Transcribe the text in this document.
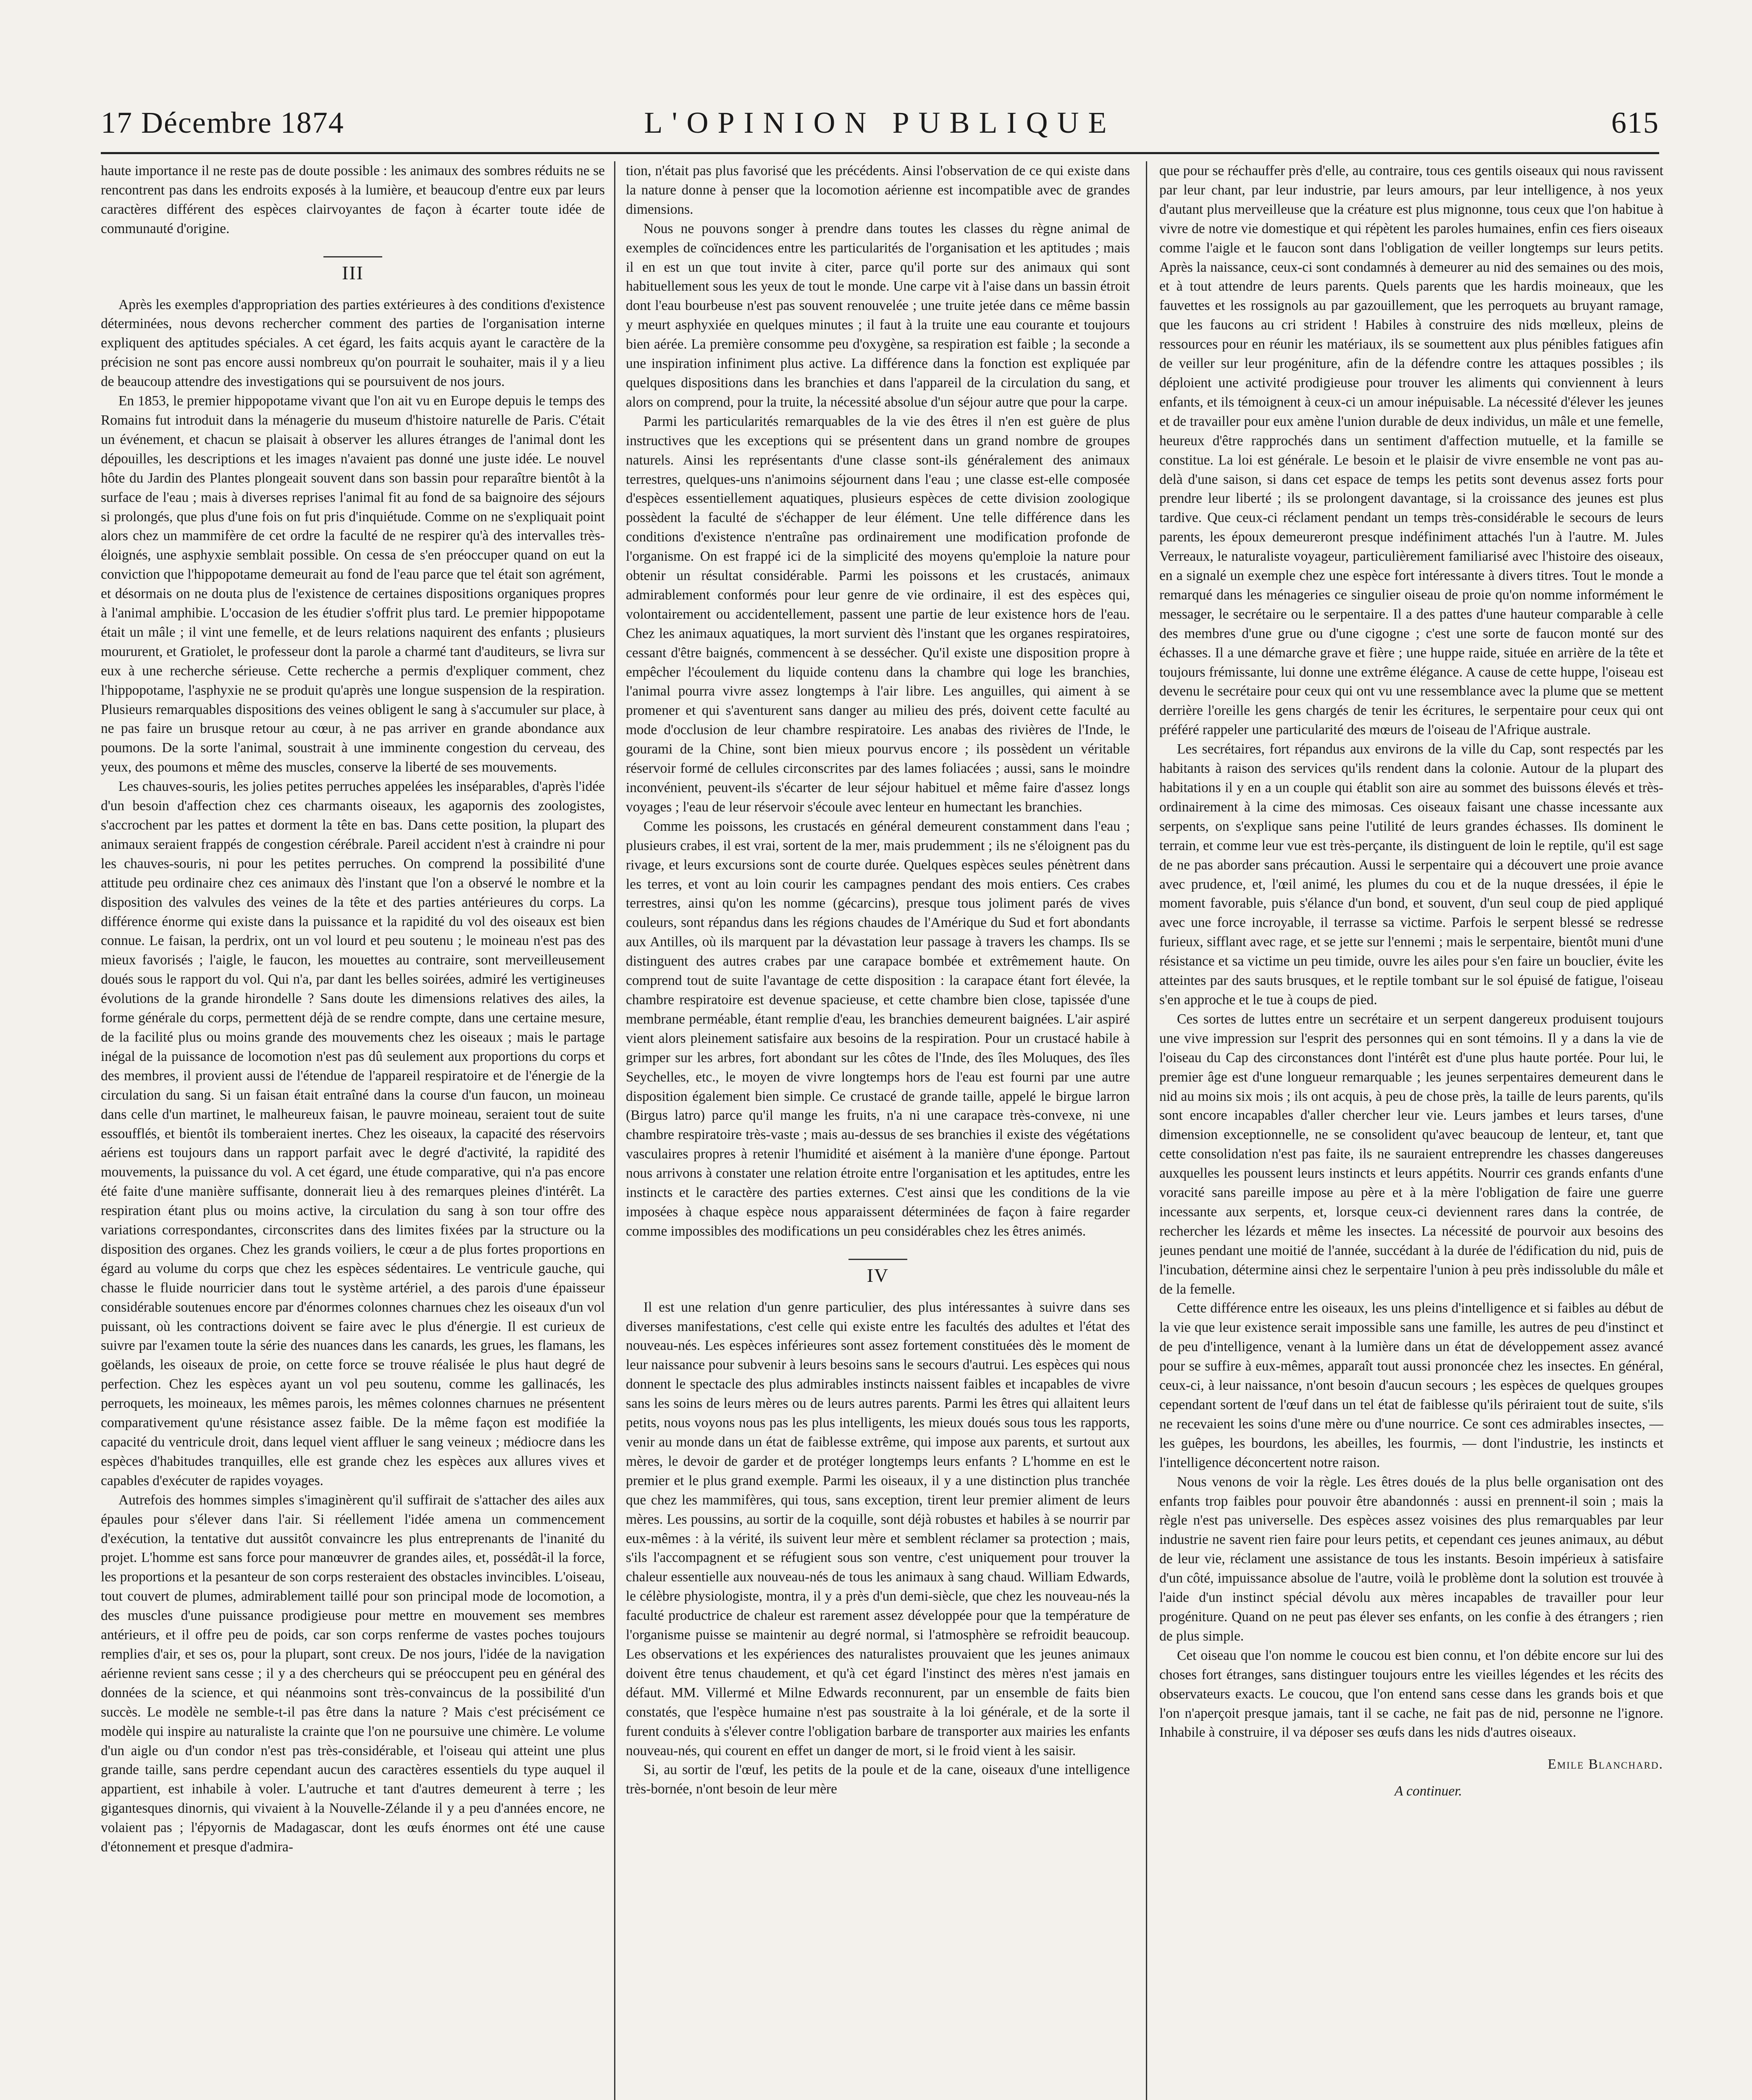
17 Décembre 1874	L'OPINION PUBLIQUE	615

haute importance il ne reste pas de doute possible : les animaux des sombres réduits ne se rencontrent pas dans les endroits exposés à la lumière, et beaucoup d'entre eux par leurs caractères différent des espèces clairvoyantes de façon à écarter toute idée de communauté d'origine.

III

Après les exemples d'appropriation des parties extérieures à des conditions d'existence déterminées, nous devons rechercher comment des parties de l'organisation interne expliquent des aptitudes spéciales. A cet égard, les faits acquis ayant le caractère de la précision ne sont pas encore aussi nombreux qu'on pourrait le souhaiter, mais il y a lieu de beaucoup attendre des investigations qui se poursuivent de nos jours.

En 1853, le premier hippopotame vivant que l'on ait vu en Europe depuis le temps des Romains fut introduit dans la ménagerie du museum d'histoire naturelle de Paris. C'était un événement, et chacun se plaisait à observer les allures étranges de l'animal dont les dépouilles, les descriptions et les images n'avaient pas donné une juste idée. Le nouvel hôte du Jardin des Plantes plongeait souvent dans son bassin pour reparaître bientôt à la surface de l'eau ; mais à diverses reprises l'animal fit au fond de sa baignoire des séjours si prolongés, que plus d'une fois on fut pris d'inquiétude. Comme on ne s'expliquait point alors chez un mammifère de cet ordre la faculté de ne respirer qu'à des intervalles très-éloignés, une asphyxie semblait possible. On cessa de s'en préoccuper quand on eut la conviction que l'hippopotame demeurait au fond de l'eau parce que tel était son agrément, et désormais on ne douta plus de l'existence de certaines dispositions organiques propres à l'animal amphibie. L'occasion de les étudier s'offrit plus tard. Le premier hippopotame était un mâle ; il vint une femelle, et de leurs relations naquirent des enfants ; plusieurs moururent, et Gratiolet, le professeur dont la parole a charmé tant d'auditeurs, se livra sur eux à une recherche sérieuse. Cette recherche a permis d'expliquer comment, chez l'hippopotame, l'asphyxie ne se produit qu'après une longue suspension de la respiration. Plusieurs remarquables dispositions des veines obligent le sang à s'accumuler sur place, à ne pas faire un brusque retour au cœur, à ne pas arriver en grande abondance aux poumons. De la sorte l'animal, soustrait à une imminente congestion du cerveau, des yeux, des poumons et même des muscles, conserve la liberté de ses mouvements.

Les chauves-souris, les jolies petites perruches appelées les inséparables, d'après l'idée d'un besoin d'affection chez ces charmants oiseaux, les agapornis des zoologistes, s'accrochent par les pattes et dorment la tête en bas. Dans cette position, la plupart des animaux seraient frappés de congestion cérébrale. Pareil accident n'est à craindre ni pour les chauves-souris, ni pour les petites perruches. On comprend la possibilité d'une attitude peu ordinaire chez ces animaux dès l'instant que l'on a observé le nombre et la disposition des valvules des veines de la tête et des parties antérieures du corps. La différence énorme qui existe dans la puissance et la rapidité du vol des oiseaux est bien connue. Le faisan, la perdrix, ont un vol lourd et peu soutenu ; le moineau n'est pas des mieux favorisés ; l'aigle, le faucon, les mouettes au contraire, sont merveilleusement doués sous le rapport du vol. Qui n'a, par dant les belles soirées, admiré les vertigineuses évolutions de la grande hirondelle ? Sans doute les dimensions relatives des ailes, la forme générale du corps, permettent déjà de se rendre compte, dans une certaine mesure, de la facilité plus ou moins grande des mouvements chez les oiseaux ; mais le partage inégal de la puissance de locomotion n'est pas dû seulement aux proportions du corps et des membres, il provient aussi de l'étendue de l'appareil respiratoire et de l'énergie de la circulation du sang. Si un faisan était entraîné dans la course d'un faucon, un moineau dans celle d'un martinet, le malheureux faisan, le pauvre moineau, seraient tout de suite essoufflés, et bientôt ils tomberaient inertes. Chez les oiseaux, la capacité des réservoirs aériens est toujours dans un rapport parfait avec le degré d'activité, la rapidité des mouvements, la puissance du vol. A cet égard, une étude comparative, qui n'a pas encore été faite d'une manière suffisante, donnerait lieu à des remarques pleines d'intérêt. La respiration étant plus ou moins active, la circulation du sang à son tour offre des variations correspondantes, circonscrites dans des limites fixées par la structure ou la disposition des organes. Chez les grands voiliers, le cœur a de plus fortes proportions en égard au volume du corps que chez les espèces sédentaires. Le ventricule gauche, qui chasse le fluide nourricier dans tout le système artériel, a des parois d'une épaisseur considérable soutenues encore par d'énormes colonnes charnues chez les oiseaux d'un vol puissant, où les contractions doivent se faire avec le plus d'énergie. Il est curieux de suivre par l'examen toute la série des nuances dans les canards, les grues, les flamans, les goëlands, les oiseaux de proie, on cette force se trouve réalisée le plus haut degré de perfection. Chez les espèces ayant un vol peu soutenu, comme les gallinacés, les perroquets, les moineaux, les mêmes parois, les mêmes colonnes charnues ne présentent comparativement qu'une résistance assez faible. De la même façon est modifiée la capacité du ventricule droit, dans lequel vient affluer le sang veineux ; médiocre dans les espèces d'habitudes tranquilles, elle est grande chez les espèces aux allures vives et capables d'exécuter de rapides voyages.

Autrefois des hommes simples s'imaginèrent qu'il suffirait de s'attacher des ailes aux épaules pour s'élever dans l'air. Si réellement l'idée amena un commencement d'exécution, la tentative dut aussitôt convaincre les plus entreprenants de l'inanité du projet. L'homme est sans force pour manœuvrer de grandes ailes, et, possédât-il la force, les proportions et la pesanteur de son corps resteraient des obstacles invincibles. L'oiseau, tout couvert de plumes, admirablement taillé pour son principal mode de locomotion, a des muscles d'une puissance prodigieuse pour mettre en mouvement ses membres antérieurs, et il offre peu de poids, car son corps renferme de vastes poches toujours remplies d'air, et ses os, pour la plupart, sont creux. De nos jours, l'idée de la navigation aérienne revient sans cesse ; il y a des chercheurs qui se préoccupent peu en général des données de la science, et qui néanmoins sont très-convaincus de la possibilité d'un succès. Le modèle ne semble-t-il pas être dans la nature ? Mais c'est précisément ce modèle qui inspire au naturaliste la crainte que l'on ne poursuive une chimère. Le volume d'un aigle ou d'un condor n'est pas très-considérable, et l'oiseau qui atteint une plus grande taille, sans perdre cependant aucun des caractères essentiels du type auquel il appartient, est inhabile à voler. L'autruche et tant d'autres demeurent à terre ; les gigantesques dinornis, qui vivaient à la Nouvelle-Zélande il y a peu d'années encore, ne volaient pas ; l'épyornis de Madagascar, dont les œufs énormes ont été une cause d'étonnement et presque d'admira-

tion, n'était pas plus favorisé que les précédents. Ainsi l'observation de ce qui existe dans la nature donne à penser que la locomotion aérienne est incompatible avec de grandes dimensions.

Nous ne pouvons songer à prendre dans toutes les classes du règne animal de exemples de coïncidences entre les particularités de l'organisation et les aptitudes ; mais il en est un que tout invite à citer, parce qu'il porte sur des animaux qui sont habituellement sous les yeux de tout le monde. Une carpe vit à l'aise dans un bassin étroit dont l'eau bourbeuse n'est pas souvent renouvelée ; une truite jetée dans ce même bassin y meurt asphyxiée en quelques minutes ; il faut à la truite une eau courante et toujours bien aérée. La première consomme peu d'oxygène, sa respiration est faible ; la seconde a une inspiration infiniment plus active. La différence dans la fonction est expliquée par quelques dispositions dans les branchies et dans l'appareil de la circulation du sang, et alors on comprend, pour la truite, la nécessité absolue d'un séjour autre que pour la carpe.

Parmi les particularités remarquables de la vie des êtres il n'en est guère de plus instructives que les exceptions qui se présentent dans un grand nombre de groupes naturels. Ainsi les représentants d'une classe sont-ils généralement des animaux terrestres, quelques-uns n'animoins séjournent dans l'eau ; une classe est-elle composée d'espèces essentiellement aquatiques, plusieurs espèces de cette division zoologique possèdent la faculté de s'échapper de leur élément. Une telle différence dans les conditions d'existence n'entraîne pas ordinairement une modification profonde de l'organisme. On est frappé ici de la simplicité des moyens qu'emploie la nature pour obtenir un résultat considérable. Parmi les poissons et les crustacés, animaux admirablement conformés pour leur genre de vie ordinaire, il est des espèces qui, volontairement ou accidentellement, passent une partie de leur existence hors de l'eau. Chez les animaux aquatiques, la mort survient dès l'instant que les organes respiratoires, cessant d'être baignés, commencent à se dessécher. Qu'il existe une disposition propre à empêcher l'écoulement du liquide contenu dans la chambre qui loge les branchies, l'animal pourra vivre assez longtemps à l'air libre. Les anguilles, qui aiment à se promener et qui s'aventurent sans danger au milieu des prés, doivent cette faculté au mode d'occlusion de leur chambre respiratoire. Les anabas des rivières de l'Inde, le gourami de la Chine, sont bien mieux pourvus encore ; ils possèdent un véritable réservoir formé de cellules circonscrites par des lames foliacées ; aussi, sans le moindre inconvénient, peuvent-ils s'écarter de leur séjour habituel et même faire d'assez longs voyages ; l'eau de leur réservoir s'écoule avec lenteur en humectant les branchies.

Comme les poissons, les crustacés en général demeurent constamment dans l'eau ; plusieurs crabes, il est vrai, sortent de la mer, mais prudemment ; ils ne s'éloignent pas du rivage, et leurs excursions sont de courte durée. Quelques espèces seules pénètrent dans les terres, et vont au loin courir les campagnes pendant des mois entiers. Ces crabes terrestres, ainsi qu'on les nomme (gécarcins), presque tous joliment parés de vives couleurs, sont répandus dans les régions chaudes de l'Amérique du Sud et fort abondants aux Antilles, où ils marquent par la dévastation leur passage à travers les champs. Ils se distinguent des autres crabes par une carapace bombée et extrêmement haute. On comprend tout de suite l'avantage de cette disposition : la carapace étant fort élevée, la chambre respiratoire est devenue spacieuse, et cette chambre bien close, tapissée d'une membrane perméable, étant remplie d'eau, les branchies demeurent baignées. L'air aspiré vient alors pleinement satisfaire aux besoins de la respiration. Pour un crustacé habile à grimper sur les arbres, fort abondant sur les côtes de l'Inde, des îles Moluques, des îles Seychelles, etc., le moyen de vivre longtemps hors de l'eau est fourni par une autre disposition également bien simple. Ce crustacé de grande taille, appelé le birgue larron (Birgus latro) parce qu'il mange les fruits, n'a ni une carapace très-convexe, ni une chambre respiratoire très-vaste ; mais au-dessus de ses branchies il existe des végétations vasculaires propres à retenir l'humidité et aisément à la manière d'une éponge. Partout nous arrivons à constater une relation étroite entre l'organisation et les aptitudes, entre les instincts et le caractère des parties externes. C'est ainsi que les conditions de la vie imposées à chaque espèce nous apparaissent déterminées de façon à faire regarder comme impossibles des modifications un peu considérables chez les êtres animés.

IV

Il est une relation d'un genre particulier, des plus intéressantes à suivre dans ses diverses manifestations, c'est celle qui existe entre les facultés des adultes et l'état des nouveau-nés. Les espèces inférieures sont assez fortement constituées dès le moment de leur naissance pour subvenir à leurs besoins sans le secours d'autrui. Les espèces qui nous donnent le spectacle des plus admirables instincts naissent faibles et incapables de vivre sans les soins de leurs mères ou de leurs autres parents. Parmi les êtres qui allaitent leurs petits, nous voyons nous pas les plus intelligents, les mieux doués sous tous les rapports, venir au monde dans un état de faiblesse extrême, qui impose aux parents, et surtout aux mères, le devoir de garder et de protéger longtemps leurs enfants ? L'homme en est le premier et le plus grand exemple. Parmi les oiseaux, il y a une distinction plus tranchée que chez les mammifères, qui tous, sans exception, tirent leur premier aliment de leurs mères. Les poussins, au sortir de la coquille, sont déjà robustes et habiles à se nourrir par eux-mêmes : à la vérité, ils suivent leur mère et semblent réclamer sa protection ; mais, s'ils l'accompagnent et se réfugient sous son ventre, c'est uniquement pour trouver la chaleur essentielle aux nouveau-nés de tous les animaux à sang chaud. William Edwards, le célèbre physiologiste, montra, il y a près d'un demi-siècle, que chez les nouveau-nés la faculté productrice de chaleur est rarement assez développée pour que la température de l'organisme puisse se maintenir au degré normal, si l'atmosphère se refroidit beaucoup. Les observations et les expériences des naturalistes prouvaient que les jeunes animaux doivent être tenus chaudement, et qu'à cet égard l'instinct des mères n'est jamais en défaut. MM. Villermé et Milne Edwards reconnurent, par un ensemble de faits bien constatés, que l'espèce humaine n'est pas soustraite à la loi générale, et de la sorte il furent conduits à s'élever contre l'obligation barbare de transporter aux mairies les enfants nouveau-nés, qui courent en effet un danger de mort, si le froid vient à les saisir.

Si, au sortir de l'œuf, les petits de la poule et de la cane, oiseaux d'une intelligence très-bornée, n'ont besoin de leur mère

que pour se réchauffer près d'elle, au contraire, tous ces gentils oiseaux qui nous ravissent par leur chant, par leur industrie, par leurs amours, par leur intelligence, à nos yeux d'autant plus merveilleuse que la créature est plus mignonne, tous ceux que l'on habitue à vivre de notre vie domestique et qui répètent les paroles humaines, enfin ces fiers oiseaux comme l'aigle et le faucon sont dans l'obligation de veiller longtemps sur leurs petits. Après la naissance, ceux-ci sont condamnés à demeurer au nid des semaines ou des mois, et à tout attendre de leurs parents. Quels parents que les hardis moineaux, que les fauvettes et les rossignols au par gazouillement, que les perroquets au bruyant ramage, que les faucons au cri strident ! Habiles à construire des nids mœlleux, pleins de ressources pour en réunir les matériaux, ils se soumettent aux plus pénibles fatigues afin de veiller sur leur progéniture, afin de la défendre contre les attaques possibles ; ils déploient une activité prodigieuse pour trouver les aliments qui conviennent à leurs enfants, et ils témoignent à ceux-ci un amour inépuisable. La nécessité d'élever les jeunes et de travailler pour eux amène l'union durable de deux individus, un mâle et une femelle, heureux d'être rapprochés dans un sentiment d'affection mutuelle, et la famille se constitue. La loi est générale. Le besoin et le plaisir de vivre ensemble ne vont pas au-delà d'une saison, si dans cet espace de temps les petits sont devenus assez forts pour prendre leur liberté ; ils se prolongent davantage, si la croissance des jeunes est plus tardive. Que ceux-ci réclament pendant un temps très-considérable le secours de leurs parents, les époux demeureront presque indéfiniment attachés l'un à l'autre. M. Jules Verreaux, le naturaliste voyageur, particulièrement familiarisé avec l'histoire des oiseaux, en a signalé un exemple chez une espèce fort intéressante à divers titres. Tout le monde a remarqué dans les ménageries ce singulier oiseau de proie qu'on nomme informément le messager, le secrétaire ou le serpentaire. Il a des pattes d'une hauteur comparable à celle des membres d'une grue ou d'une cigogne ; c'est une sorte de faucon monté sur des échasses. Il a une démarche grave et fière ; une huppe raide, située en arrière de la tête et toujours frémissante, lui donne une extrême élégance. A cause de cette huppe, l'oiseau est devenu le secrétaire pour ceux qui ont vu une ressemblance avec la plume que se mettent derrière l'oreille les gens chargés de tenir les écritures, le serpentaire pour ceux qui ont préféré rappeler une particularité des mœurs de l'oiseau de l'Afrique australe.

Les secrétaires, fort répandus aux environs de la ville du Cap, sont respectés par les habitants à raison des services qu'ils rendent dans la colonie. Autour de la plupart des habitations il y en a un couple qui établit son aire au sommet des buissons élevés et très-ordinairement à la cime des mimosas. Ces oiseaux faisant une chasse incessante aux serpents, on s'explique sans peine l'utilité de leurs grandes échasses. Ils dominent le terrain, et comme leur vue est très-perçante, ils distinguent de loin le reptile, qu'il est sage de ne pas aborder sans précaution. Aussi le serpentaire qui a découvert une proie avance avec prudence, et, l'œil animé, les plumes du cou et de la nuque dressées, il épie le moment favorable, puis s'élance d'un bond, et souvent, d'un seul coup de pied appliqué avec une force incroyable, il terrasse sa victime. Parfois le serpent blessé se redresse furieux, sifflant avec rage, et se jette sur l'ennemi ; mais le serpentaire, bientôt muni d'une résistance et sa victime un peu timide, ouvre les ailes pour s'en faire un bouclier, évite les atteintes par des sauts brusques, et le reptile tombant sur le sol épuisé de fatigue, l'oiseau s'en approche et le tue à coups de pied.

Ces sortes de luttes entre un secrétaire et un serpent dangereux produisent toujours une vive impression sur l'esprit des personnes qui en sont témoins. Il y a dans la vie de l'oiseau du Cap des circonstances dont l'intérêt est d'une plus haute portée. Pour lui, le premier âge est d'une longueur remarquable ; les jeunes serpentaires demeurent dans le nid au moins six mois ; ils ont acquis, à peu de chose près, la taille de leurs parents, qu'ils sont encore incapables d'aller chercher leur vie. Leurs jambes et leurs tarses, d'une dimension exceptionnelle, ne se consolident qu'avec beaucoup de lenteur, et, tant que cette consolidation n'est pas faite, ils ne sauraient entreprendre les chasses dangereuses auxquelles les poussent leurs instincts et leurs appétits. Nourrir ces grands enfants d'une voracité sans pareille impose au père et à la mère l'obligation de faire une guerre incessante aux serpents, et, lorsque ceux-ci deviennent rares dans la contrée, de rechercher les lézards et même les insectes. La nécessité de pourvoir aux besoins des jeunes pendant une moitié de l'année, succédant à la durée de l'édification du nid, puis de l'incubation, détermine ainsi chez le serpentaire l'union à peu près indissoluble du mâle et de la femelle.

Cette différence entre les oiseaux, les uns pleins d'intelligence et si faibles au début de la vie que leur existence serait impossible sans une famille, les autres de peu d'instinct et de peu d'intelligence, venant à la lumière dans un état de développement assez avancé pour se suffire à eux-mêmes, apparaît tout aussi prononcée chez les insectes. En général, ceux-ci, à leur naissance, n'ont besoin d'aucun secours ; les espèces de quelques groupes cependant sortent de l'œuf dans un tel état de faiblesse qu'ils périraient tout de suite, s'ils ne recevaient les soins d'une mère ou d'une nourrice. Ce sont ces admirables insectes, — les guêpes, les bourdons, les abeilles, les fourmis, — dont l'industrie, les instincts et l'intelligence déconcertent notre raison.

Nous venons de voir la règle. Les êtres doués de la plus belle organisation ont des enfants trop faibles pour pouvoir être abandonnés : aussi en prennent-il soin ; mais la règle n'est pas universelle. Des espèces assez voisines des plus remarquables par leur industrie ne savent rien faire pour leurs petits, et cependant ces jeunes animaux, au début de leur vie, réclament une assistance de tous les instants. Besoin impérieux à satisfaire d'un côté, impuissance absolue de l'autre, voilà le problème dont la solution est trouvée à l'aide d'un instinct spécial dévolu aux mères incapables de travailler pour leur progéniture. Quand on ne peut pas élever ses enfants, on les confie à des étrangers ; rien de plus simple.

Cet oiseau que l'on nomme le coucou est bien connu, et l'on débite encore sur lui des choses fort étranges, sans distinguer toujours entre les vieilles légendes et les récits des observateurs exacts. Le coucou, que l'on entend sans cesse dans les grands bois et que l'on n'aperçoit presque jamais, tant il se cache, ne fait pas de nid, personne ne l'ignore. Inhabile à construire, il va déposer ses œufs dans les nids d'autres oiseaux.

Emile Blanchard.
A continuer.
